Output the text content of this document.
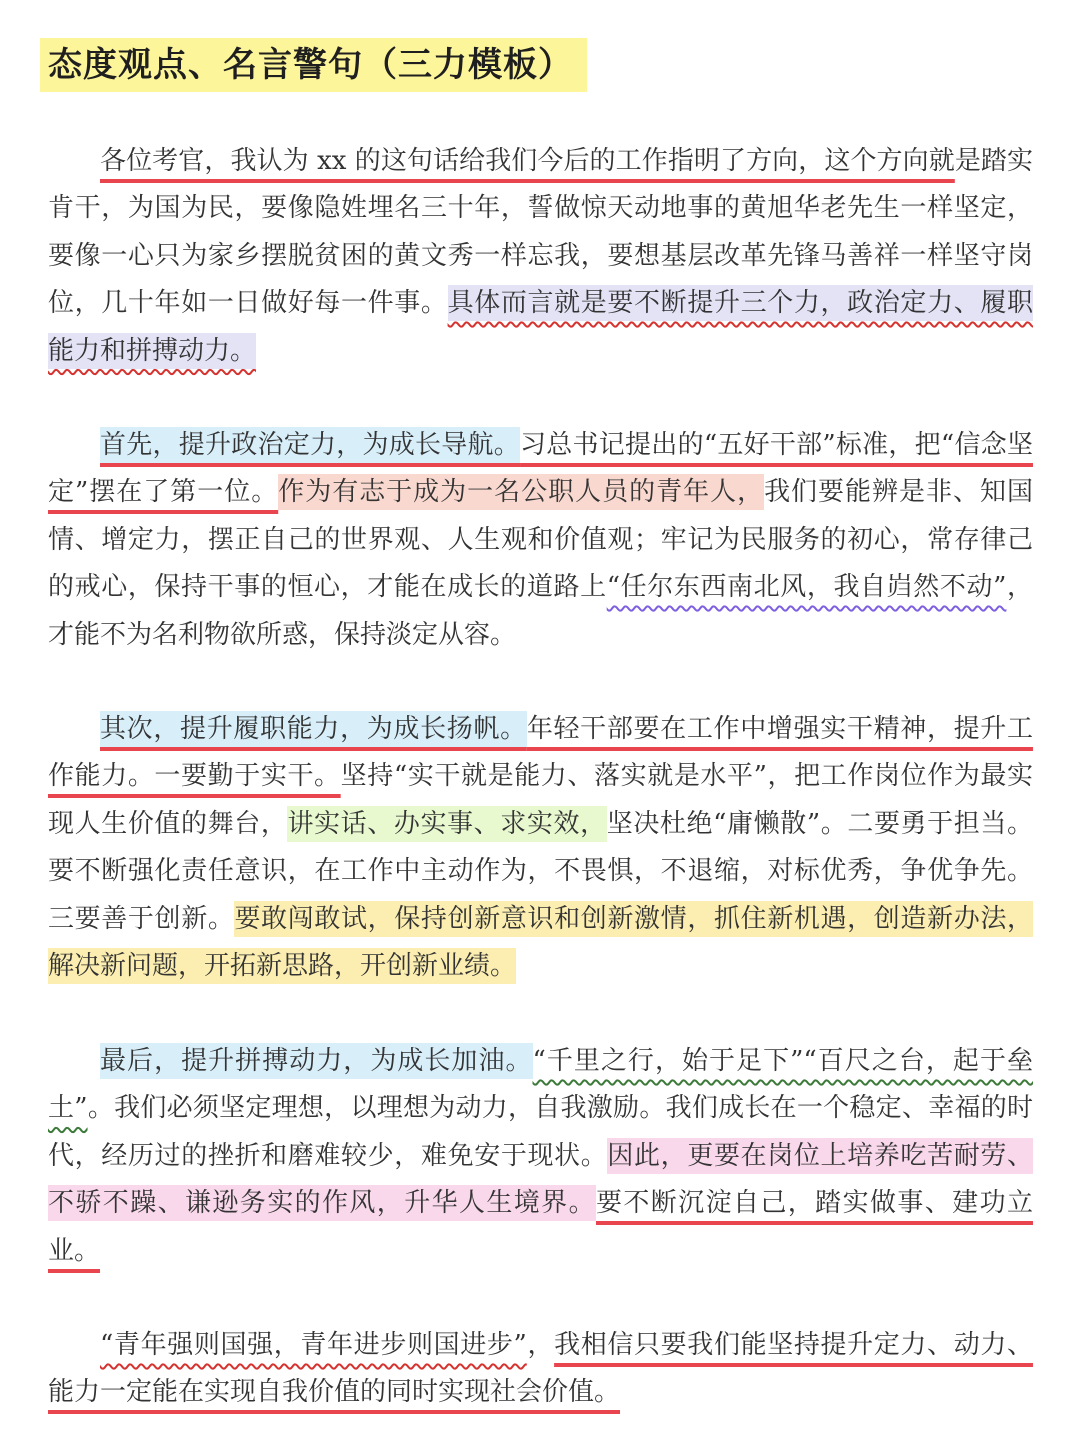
态度观点、名言警句（三力模板）

各位考官，我认为 xx 的这句话给我们今后的工作指明了方向，这个方向就是踏实肯干，为国为民，要像隐姓埋名三十年，誓做惊天动地事的黄旭华老先生一样坚定，要像一心只为家乡摆脱贫困的黄文秀一样忘我，要想基层改革先锋马善祥一样坚守岗位，几十年如一日做好每一件事。具体而言就是要不断提升三个力，政治定力、履职能力和拼搏动力。

首先，提升政治定力，为成长导航。习总书记提出的“五好干部”标准，把“信念坚定”摆在了第一位。作为有志于成为一名公职人员的青年人，我们要能辨是非、知国情、增定力，摆正自己的世界观、人生观和价值观；牢记为民服务的初心，常存律己的戒心，保持干事的恒心，才能在成长的道路上“任尔东西南北风，我自岿然不动”，才能不为名利物欲所惑，保持淡定从容。

其次，提升履职能力，为成长扬帆。年轻干部要在工作中增强实干精神，提升工作能力。一要勤于实干。坚持“实干就是能力、落实就是水平”，把工作岗位作为最实现人生价值的舞台，讲实话、办实事、求实效，坚决杜绝“庸懒散”。二要勇于担当。要不断强化责任意识，在工作中主动作为，不畏惧，不退缩，对标优秀，争优争先。三要善于创新。要敢闯敢试，保持创新意识和创新激情，抓住新机遇，创造新办法，解决新问题，开拓新思路，开创新业绩。

最后，提升拼搏动力，为成长加油。“千里之行，始于足下”“百尺之台，起于垒土”。我们必须坚定理想，以理想为动力，自我激励。我们成长在一个稳定、幸福的时代，经历过的挫折和磨难较少，难免安于现状。因此，更要在岗位上培养吃苦耐劳、不骄不躁、谦逊务实的作风，升华人生境界。要不断沉淀自己，踏实做事、建功立业。

“青年强则国强，青年进步则国进步”，我相信只要我们能坚持提升定力、动力、能力一定能在实现自我价值的同时实现社会价值。
